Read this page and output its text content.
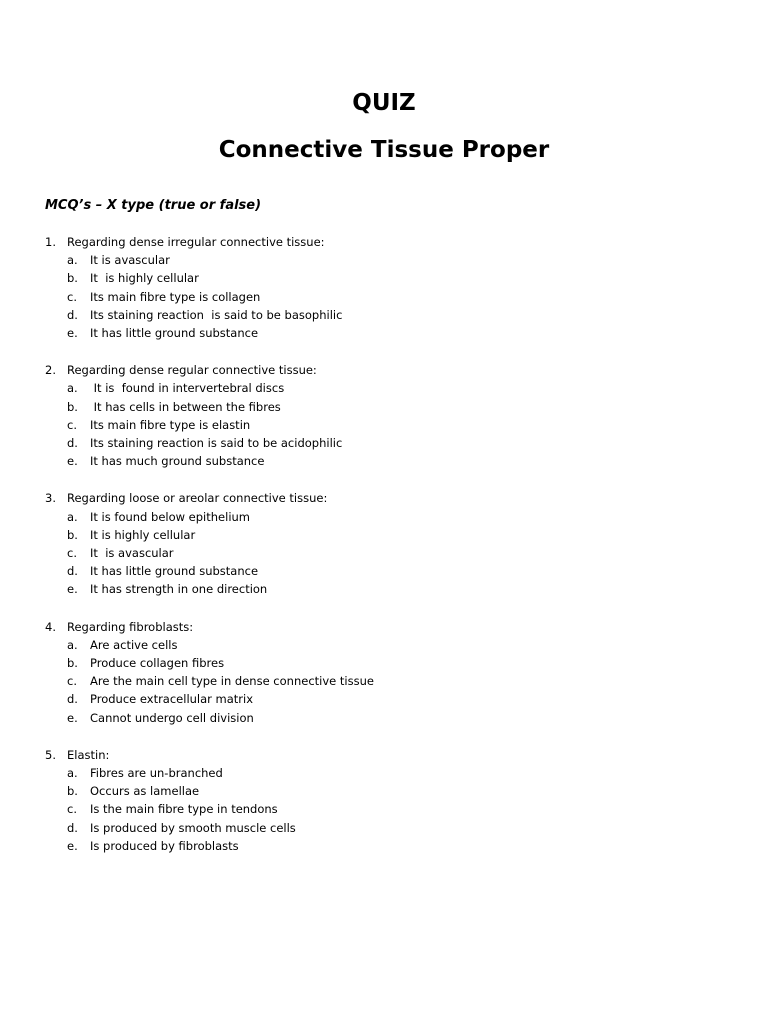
QUIZ
Connective Tissue Proper
MCQ’s – X type (true or false)
1. Regarding dense irregular connective tissue:
a. It is avascular
b. It  is highly cellular
c. Its main fibre type is collagen
d. Its staining reaction  is said to be basophilic
e. It has little ground substance
2. Regarding dense regular connective tissue:
a. It is  found in intervertebral discs
b. It has cells in between the fibres
c. Its main fibre type is elastin
d. Its staining reaction is said to be acidophilic
e. It has much ground substance
3. Regarding loose or areolar connective tissue:
a. It is found below epithelium
b. It is highly cellular
c. It  is avascular
d. It has little ground substance
e. It has strength in one direction
4. Regarding fibroblasts:
a. Are active cells
b. Produce collagen fibres
c. Are the main cell type in dense connective tissue
d. Produce extracellular matrix
e. Cannot undergo cell division
5. Elastin:
a. Fibres are un-branched
b. Occurs as lamellae
c. Is the main fibre type in tendons
d. Is produced by smooth muscle cells
e. Is produced by fibroblasts
